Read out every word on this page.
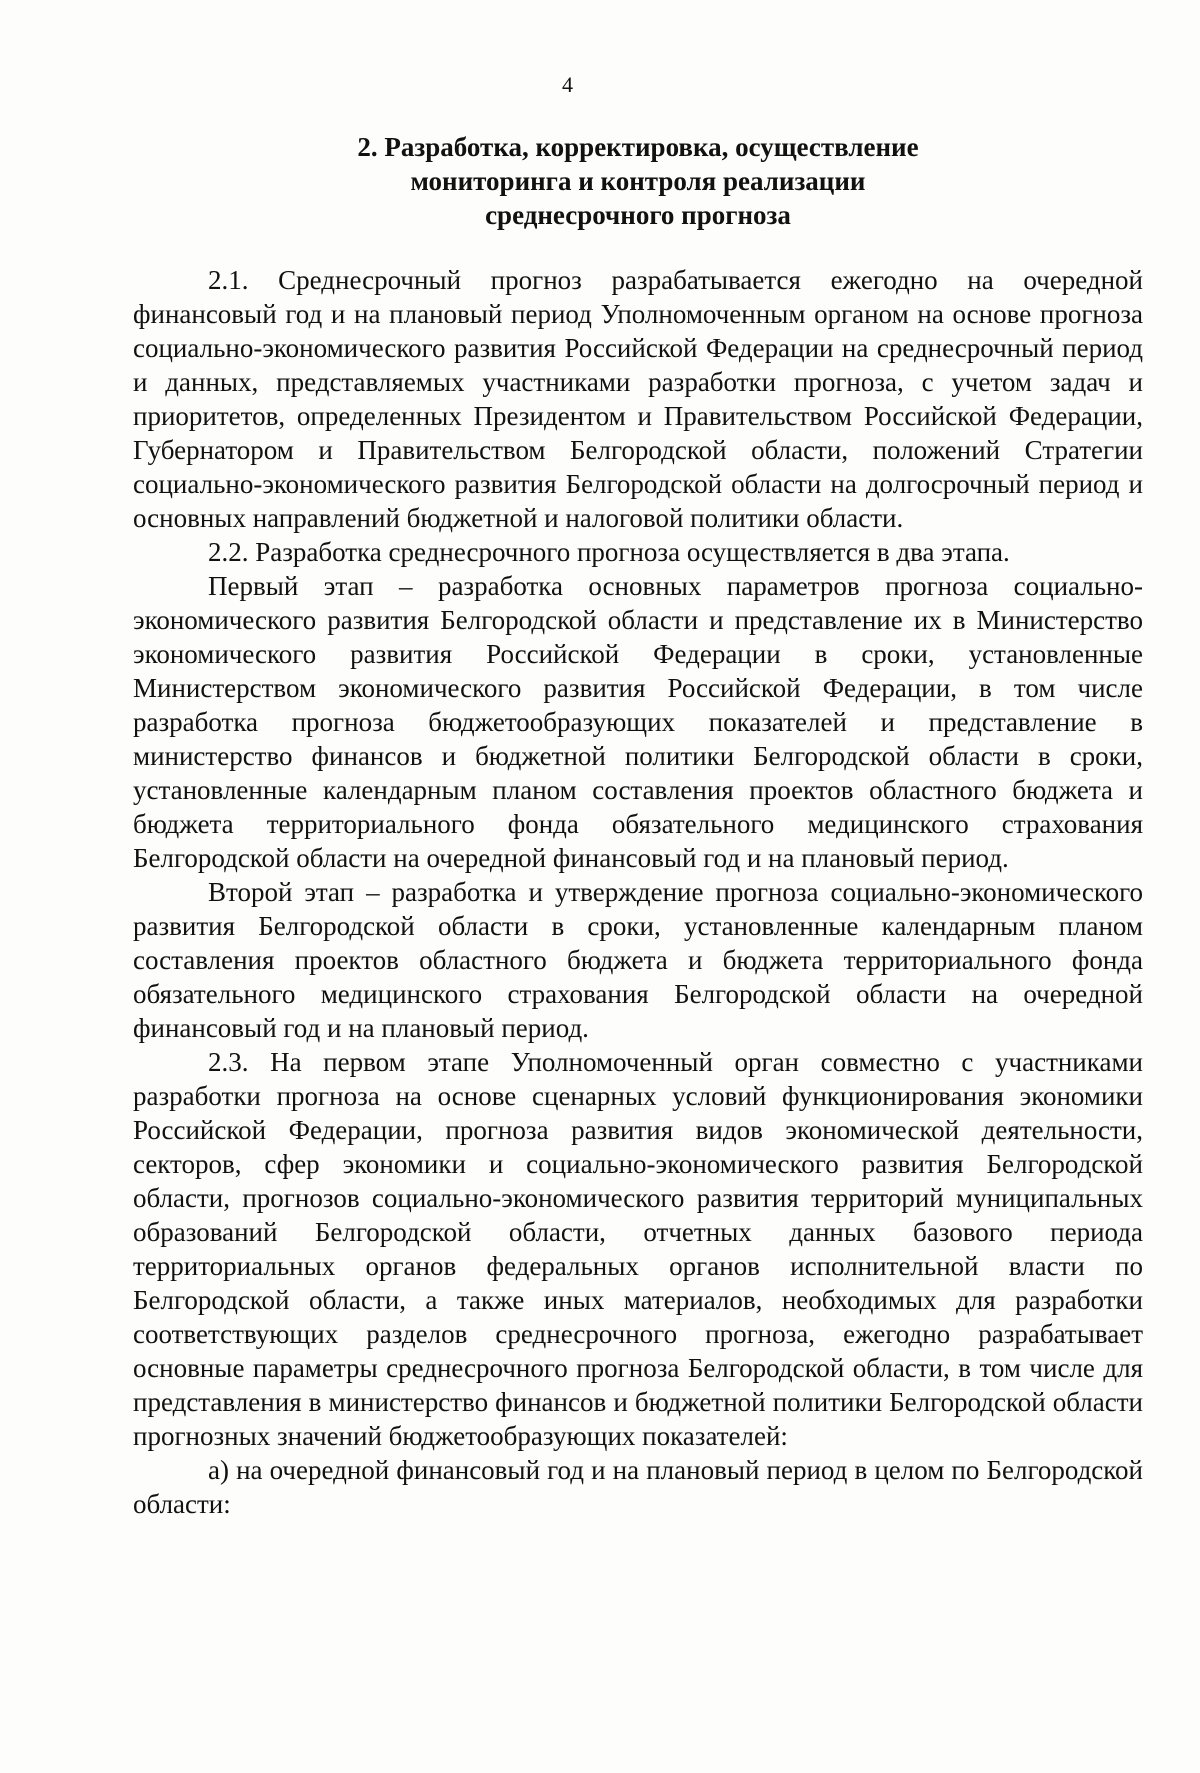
4
2. Разработка, корректировка, осуществление
мониторинга и контроля реализации
среднесрочного прогноза

2.1. Среднесрочный прогноз разрабатывается ежегодно на очередной финансовый год и на плановый период Уполномоченным органом на основе прогноза социально-экономического развития Российской Федерации на среднесрочный период и данных, представляемых участниками разработки прогноза, с учетом задач и приоритетов, определенных Президентом и Правительством Российской Федерации, Губернатором и Правительством Белгородской области, положений Стратегии социально-экономического развития Белгородской области на долгосрочный период и основных направлений бюджетной и налоговой политики области.

2.2. Разработка среднесрочного прогноза осуществляется в два этапа.

Первый этап – разработка основных параметров прогноза социально-экономического развития Белгородской области и представление их в Министерство экономического развития Российской Федерации в сроки, установленные Министерством экономического развития Российской Федерации, в том числе разработка прогноза бюджетообразующих показателей и представление в министерство финансов и бюджетной политики Белгородской области в сроки, установленные календарным планом составления проектов областного бюджета и бюджета территориального фонда обязательного медицинского страхования Белгородской области на очередной финансовый год и на плановый период.

Второй этап – разработка и утверждение прогноза социально-экономического развития Белгородской области в сроки, установленные календарным планом составления проектов областного бюджета и бюджета территориального фонда обязательного медицинского страхования Белгородской области на очередной финансовый год и на плановый период.

2.3. На первом этапе Уполномоченный орган совместно с участниками разработки прогноза на основе сценарных условий функционирования экономики Российской Федерации, прогноза развития видов экономической деятельности, секторов, сфер экономики и социально-экономического развития Белгородской области, прогнозов социально-экономического развития территорий муниципальных образований Белгородской области, отчетных данных базового периода территориальных органов федеральных органов исполнительной власти по Белгородской области, а также иных материалов, необходимых для разработки соответствующих разделов среднесрочного прогноза, ежегодно разрабатывает основные параметры среднесрочного прогноза Белгородской области, в том числе для представления в министерство финансов и бюджетной политики Белгородской области прогнозных значений бюджетообразующих показателей:

а) на очередной финансовый год и на плановый период в целом по Белгородской области:
